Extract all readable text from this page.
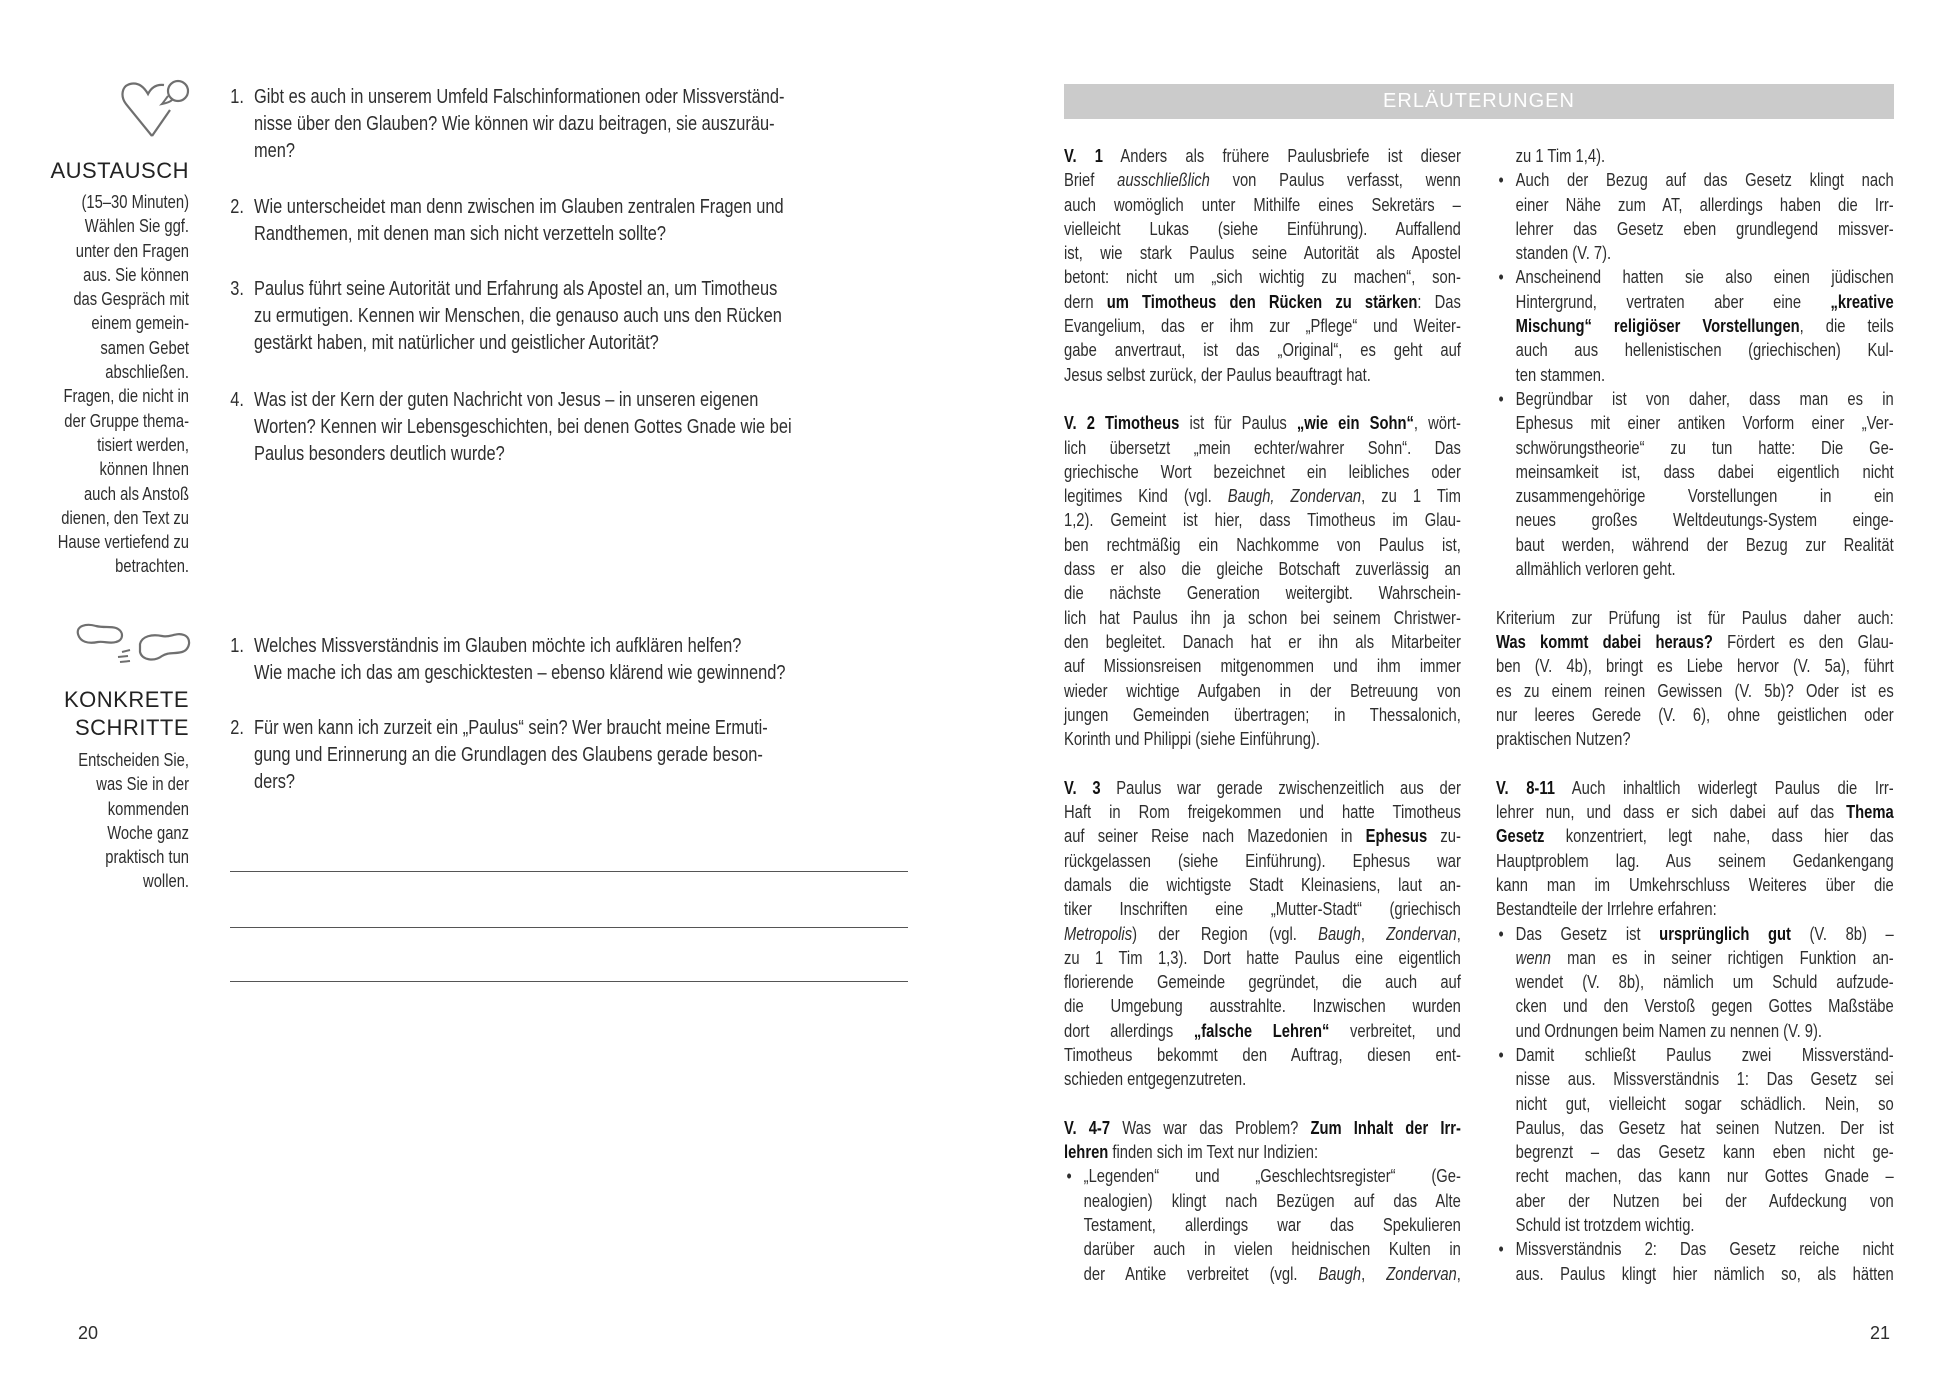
AUSTAUSCH
(15–30 Minuten)
Wählen Sie ggf.
unter den Fragen
aus. Sie können
das Gespräch mit
einem gemein-
samen Gebet
abschließen.
Fragen, die nicht in
der Gruppe thema-
tisiert werden,
können Ihnen
auch als Anstoß
dienen, den Text zu
Hause vertiefend zu
betrachten.
1. Gibt es auch in unserem Umfeld Falschinformationen oder Missverständ-
nisse über den Glauben? Wie können wir dazu beitragen, sie auszuräu-
men?
2. Wie unterscheidet man denn zwischen im Glauben zentralen Fragen und
Randthemen, mit denen man sich nicht verzetteln sollte?
3. Paulus führt seine Autorität und Erfahrung als Apostel an, um Timotheus
zu ermutigen. Kennen wir Menschen, die genauso auch uns den Rücken
gestärkt haben, mit natürlicher und geistlicher Autorität?
4. Was ist der Kern der guten Nachricht von Jesus – in unseren eigenen
Worten? Kennen wir Lebensgeschichten, bei denen Gottes Gnade wie bei
Paulus besonders deutlich wurde?
KONKRETE
SCHRITTE
Entscheiden Sie,
was Sie in der
kommenden
Woche ganz
praktisch tun
wollen.
1. Welches Missverständnis im Glauben möchte ich aufklären helfen?
Wie mache ich das am geschicktesten – ebenso klärend wie gewinnend?
2. Für wen kann ich zurzeit ein „Paulus“ sein? Wer braucht meine Ermuti-
gung und Erinnerung an die Grundlagen des Glaubens gerade beson-
ders?
20
ERLÄUTERUNGEN
V. 1 Anders als frühere Paulusbriefe ist dieser
Brief ausschließlich von Paulus verfasst, wenn
auch womöglich unter Mithilfe eines Sekretärs –
vielleicht Lukas (siehe Einführung). Auffallend
ist, wie stark Paulus seine Autorität als Apostel
betont: nicht um „sich wichtig zu machen“, son-
dern um Timotheus den Rücken zu stärken: Das
Evangelium, das er ihm zur „Pflege“ und Weiter-
gabe anvertraut, ist das „Original“, es geht auf
Jesus selbst zurück, der Paulus beauftragt hat.
V. 2 Timotheus ist für Paulus „wie ein Sohn“, wört-
lich übersetzt „mein echter/wahrer Sohn“. Das
griechische Wort bezeichnet ein leibliches oder
legitimes Kind (vgl. Baugh, Zondervan, zu 1 Tim
1,2). Gemeint ist hier, dass Timotheus im Glau-
ben rechtmäßig ein Nachkomme von Paulus ist,
dass er also die gleiche Botschaft zuverlässig an
die nächste Generation weitergibt. Wahrschein-
lich hat Paulus ihn ja schon bei seinem Christwer-
den begleitet. Danach hat er ihn als Mitarbeiter
auf Missionsreisen mitgenommen und ihm immer
wieder wichtige Aufgaben in der Betreuung von
jungen Gemeinden übertragen; in Thessalonich,
Korinth und Philippi (siehe Einführung).
V. 3 Paulus war gerade zwischenzeitlich aus der
Haft in Rom freigekommen und hatte Timotheus
auf seiner Reise nach Mazedonien in Ephesus zu-
rückgelassen (siehe Einführung). Ephesus war
damals die wichtigste Stadt Kleinasiens, laut an-
tiker Inschriften eine „Mutter-Stadt“ (griechisch
Metropolis) der Region (vgl. Baugh, Zondervan,
zu 1 Tim 1,3). Dort hatte Paulus eine eigentlich
florierende Gemeinde gegründet, die auch auf
die Umgebung ausstrahlte. Inzwischen wurden
dort allerdings „falsche Lehren“ verbreitet, und
Timotheus bekommt den Auftrag, diesen ent-
schieden entgegenzutreten.
V. 4-7 Was war das Problem? Zum Inhalt der Irr-
lehren finden sich im Text nur Indizien:
• „Legenden“ und „Geschlechtsregister“ (Ge-
nealogien) klingt nach Bezügen auf das Alte
Testament, allerdings war das Spekulieren
darüber auch in vielen heidnischen Kulten in
der Antike verbreitet (vgl. Baugh, Zondervan,
zu 1 Tim 1,4).
• Auch der Bezug auf das Gesetz klingt nach
einer Nähe zum AT, allerdings haben die Irr-
lehrer das Gesetz eben grundlegend missver-
standen (V. 7).
• Anscheinend hatten sie also einen jüdischen
Hintergrund, vertraten aber eine „kreative
Mischung“ religiöser Vorstellungen, die teils
auch aus hellenistischen (griechischen) Kul-
ten stammen.
• Begründbar ist von daher, dass man es in
Ephesus mit einer antiken Vorform einer „Ver-
schwörungstheorie“ zu tun hatte: Die Ge-
meinsamkeit ist, dass dabei eigentlich nicht
zusammengehörige Vorstellungen in ein
neues großes Weltdeutungs-System einge-
baut werden, während der Bezug zur Realität
allmählich verloren geht.
Kriterium zur Prüfung ist für Paulus daher auch:
Was kommt dabei heraus? Fördert es den Glau-
ben (V. 4b), bringt es Liebe hervor (V. 5a), führt
es zu einem reinen Gewissen (V. 5b)? Oder ist es
nur leeres Gerede (V. 6), ohne geistlichen oder
praktischen Nutzen?
V. 8-11 Auch inhaltlich widerlegt Paulus die Irr-
lehrer nun, und dass er sich dabei auf das Thema
Gesetz konzentriert, legt nahe, dass hier das
Hauptproblem lag. Aus seinem Gedankengang
kann man im Umkehrschluss Weiteres über die
Bestandteile der Irrlehre erfahren:
• Das Gesetz ist ursprünglich gut (V. 8b) –
wenn man es in seiner richtigen Funktion an-
wendet (V. 8b), nämlich um Schuld aufzude-
cken und den Verstoß gegen Gottes Maßstäbe
und Ordnungen beim Namen zu nennen (V. 9).
• Damit schließt Paulus zwei Missverständ-
nisse aus. Missverständnis 1: Das Gesetz sei
nicht gut, vielleicht sogar schädlich. Nein, so
Paulus, das Gesetz hat seinen Nutzen. Der ist
begrenzt – das Gesetz kann eben nicht ge-
recht machen, das kann nur Gottes Gnade –
aber der Nutzen bei der Aufdeckung von
Schuld ist trotzdem wichtig.
• Missverständnis 2: Das Gesetz reiche nicht
aus. Paulus klingt hier nämlich so, als hätten
21
